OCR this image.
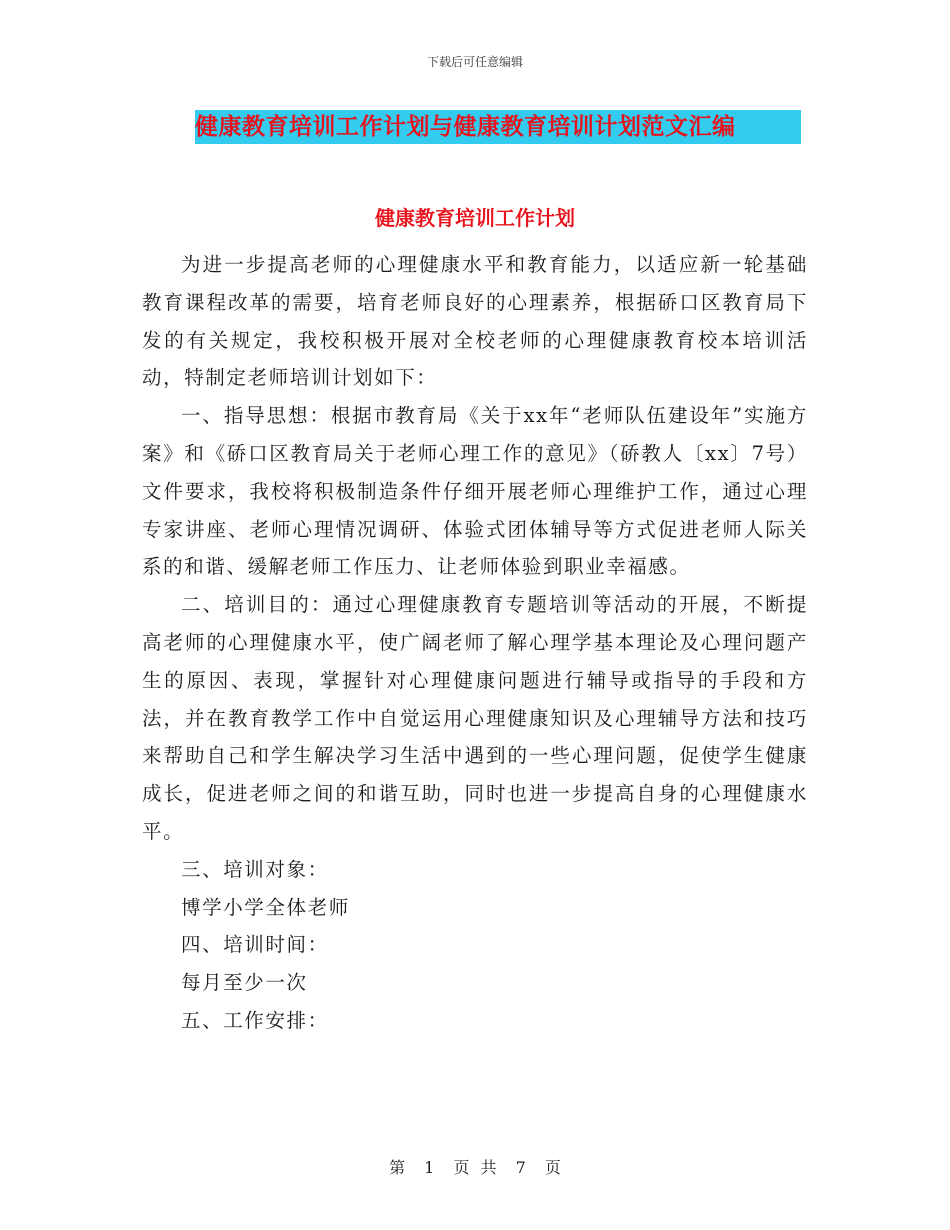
下载后可任意编辑
健康教育培训工作计划与健康教育培训计划范文汇编
健康教育培训工作计划

为进一步提高老师的心理健康水平和教育能力，以适应新一轮基础教育课程改革的需要，培育老师良好的心理素养，根据硚口区教育局下发的有关规定，我校积极开展对全校老师的心理健康教育校本培训活动，特制定老师培训计划如下：

一、指导思想：根据市教育局《关于xx年“老师队伍建设年”实施方案》和《硚口区教育局关于老师心理工作的意见》（硚教人〔xx〕7号）文件要求，我校将积极制造条件仔细开展老师心理维护工作，通过心理专家讲座、老师心理情况调研、体验式团体辅导等方式促进老师人际关系的和谐、缓解老师工作压力、让老师体验到职业幸福感。

二、培训目的：通过心理健康教育专题培训等活动的开展，不断提高老师的心理健康水平，使广阔老师了解心理学基本理论及心理问题产生的原因、表现，掌握针对心理健康问题进行辅导或指导的手段和方法，并在教育教学工作中自觉运用心理健康知识及心理辅导方法和技巧来帮助自己和学生解决学习生活中遇到的一些心理问题，促使学生健康成长，促进老师之间的和谐互助，同时也进一步提高自身的心理健康水平。

三、培训对象：

博学小学全体老师

四、培训时间：

每月至少一次

五、工作安排：

第 1 页 共 7 页
